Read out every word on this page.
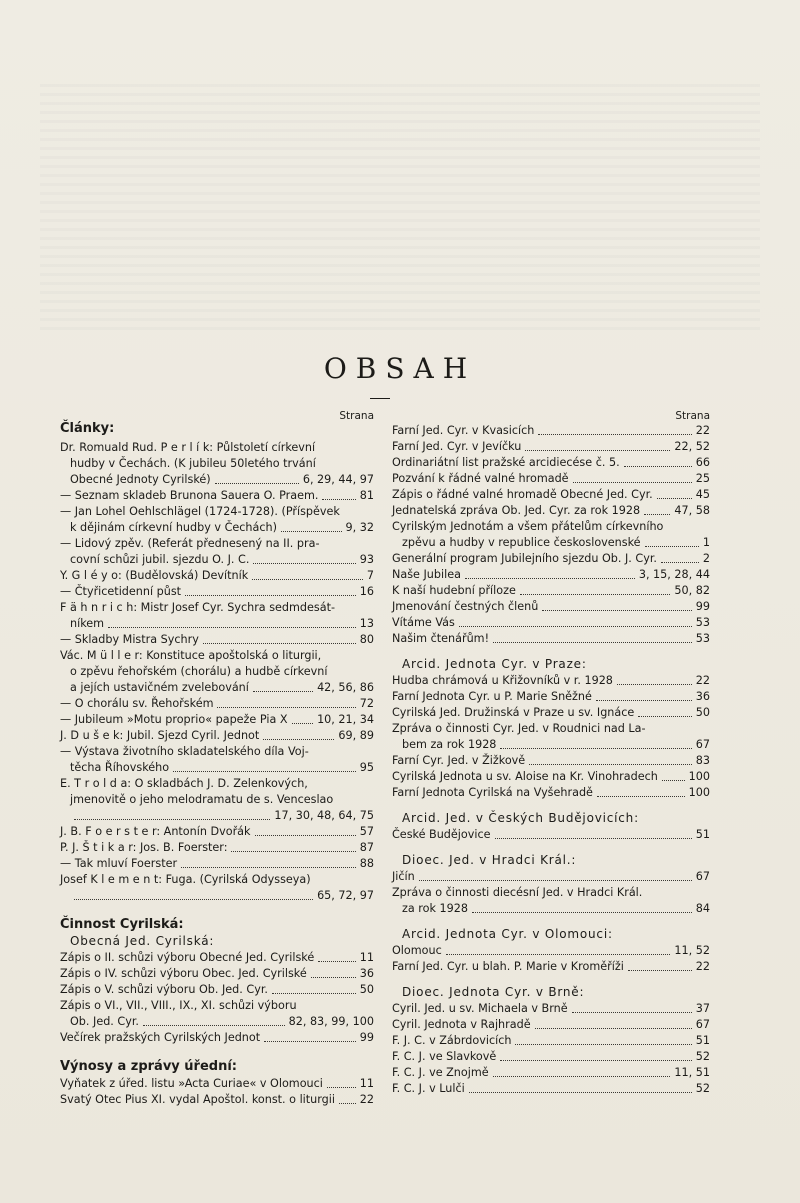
OBSAH
Strana
Články:
Dr. Romuald Rud. P e r l í k: Půlstoletí církevní
hudby v Čechách. (K jubileu 50letého trvání
Obecné Jednoty Cyrilské)	6, 29, 44, 97
— Seznam skladeb Brunona Sauera O. Praem.	81
— Jan Lohel Oehlschlägel (1724-1728). (Příspěvek
k dějinám církevní hudby v Čechách)	9, 32
— Lidový zpěv. (Referát přednesený na II. pra-
covní schůzi jubil. sjezdu O. J. C.	93
Y. G l é y o: (Budělovská) Devítník	7
— Čtyřicetidenní půst	16
F ä h n r i c h: Mistr Josef Cyr. Sychra sedmdesát-
níkem	13
— Skladby Mistra Sychry	80
Vác. M ü l l e r: Konstituce apoštolská o liturgii,
o zpěvu řehořském (chorálu) a hudbě církevní
a jejích ustavičném zvelebování	42, 56, 86
— O chorálu sv. Řehořském	72
— Jubileum »Motu proprio« papeže Pia X	10, 21, 34
J. D u š e k: Jubil. Sjezd Cyril. Jednot	69, 89
— Výstava životního skladatelského díla Voj-
těcha Říhovského	95
E. T r o l d a: O skladbách J. D. Zelenkových,
jmenovitě o jeho melodramatu de s. Venceslao
17, 30, 48, 64, 75
J. B. F o e r s t e r: Antonín Dvořák	57
P. J. Š t i k a r: Jos. B. Foerster:	87
— Tak mluví Foerster	88
Josef K l e m e n t: Fuga. (Cyrilská Odysseya)
65, 72, 97
Činnost Cyrilská:
Obecná Jed. Cyrilská:
Zápis o II. schůzi výboru Obecné Jed. Cyrilské	11
Zápis o IV. schůzi výboru Obec. Jed. Cyrilské	36
Zápis o V. schůzi výboru Ob. Jed. Cyr.	50
Zápis o VI., VII., VIII., IX., XI. schůzi výboru
Ob. Jed. Cyr.	82, 83, 99, 100
Večírek pražských Cyrilských Jednot	99
Výnosy a zprávy úřední:
Vyňatek z úřed. listu »Acta Curiae« v Olomouci	11
Svatý Otec Pius XI. vydal Apoštol. konst. o liturgii 22
Strana
Farní Jed. Cyr. v Kvasicích	22
Farní Jed. Cyr. v Jevíčku	22, 52
Ordinariátní list pražské arcidiecése č. 5.	66
Pozvání k řádné valné hromadě	25
Zápis o řádné valné hromadě Obecné Jed. Cyr.	45
Jednatelská zpráva Ob. Jed. Cyr. za rok 1928	47, 58
Cyrilským Jednotám a všem přátelům církevního
zpěvu a hudby v republice československé	1
Generální program Jubilejního sjezdu Ob. J. Cyr.	2
Naše Jubilea	3, 15, 28, 44
K naší hudební příloze	50, 82
Jmenování čestných členů	99
Vítáme Vás	53
Našim čtenářům!	53
Arcid. Jednota Cyr. v Praze:
Hudba chrámová u Křižovníků v r. 1928	22
Farní Jednota Cyr. u P. Marie Sněžné	36
Cyrilská Jed. Družinská v Praze u sv. Ignáce	50
Zpráva o činnosti Cyr. Jed. v Roudnici nad La-
bem za rok 1928	67
Farní Cyr. Jed. v Žižkově	83
Cyrilská Jednota u sv. Aloise na Kr. Vinohradech	100
Farní Jednota Cyrilská na Vyšehradě	100
Arcid. Jed. v Českých Budějovicích:
České Budějovice	51
Dioec. Jed. v Hradci Král.:
Jičín	67
Zpráva o činnosti diecésní Jed. v Hradci Král.
za rok 1928	84
Arcid. Jednota Cyr. v Olomouci:
Olomouc	11, 52
Farní Jed. Cyr. u blah. P. Marie v Kroměříži	22
Dioec. Jednota Cyr. v Brně:
Cyril. Jed. u sv. Michaela v Brně	37
Cyril. Jednota v Rajhradě	67
F. J. C. v Zábrdovicích	51
F. C. J. ve Slavkově	52
F. C. J. ve Znojmě	11, 51
F. C. J. v Lulči	52
